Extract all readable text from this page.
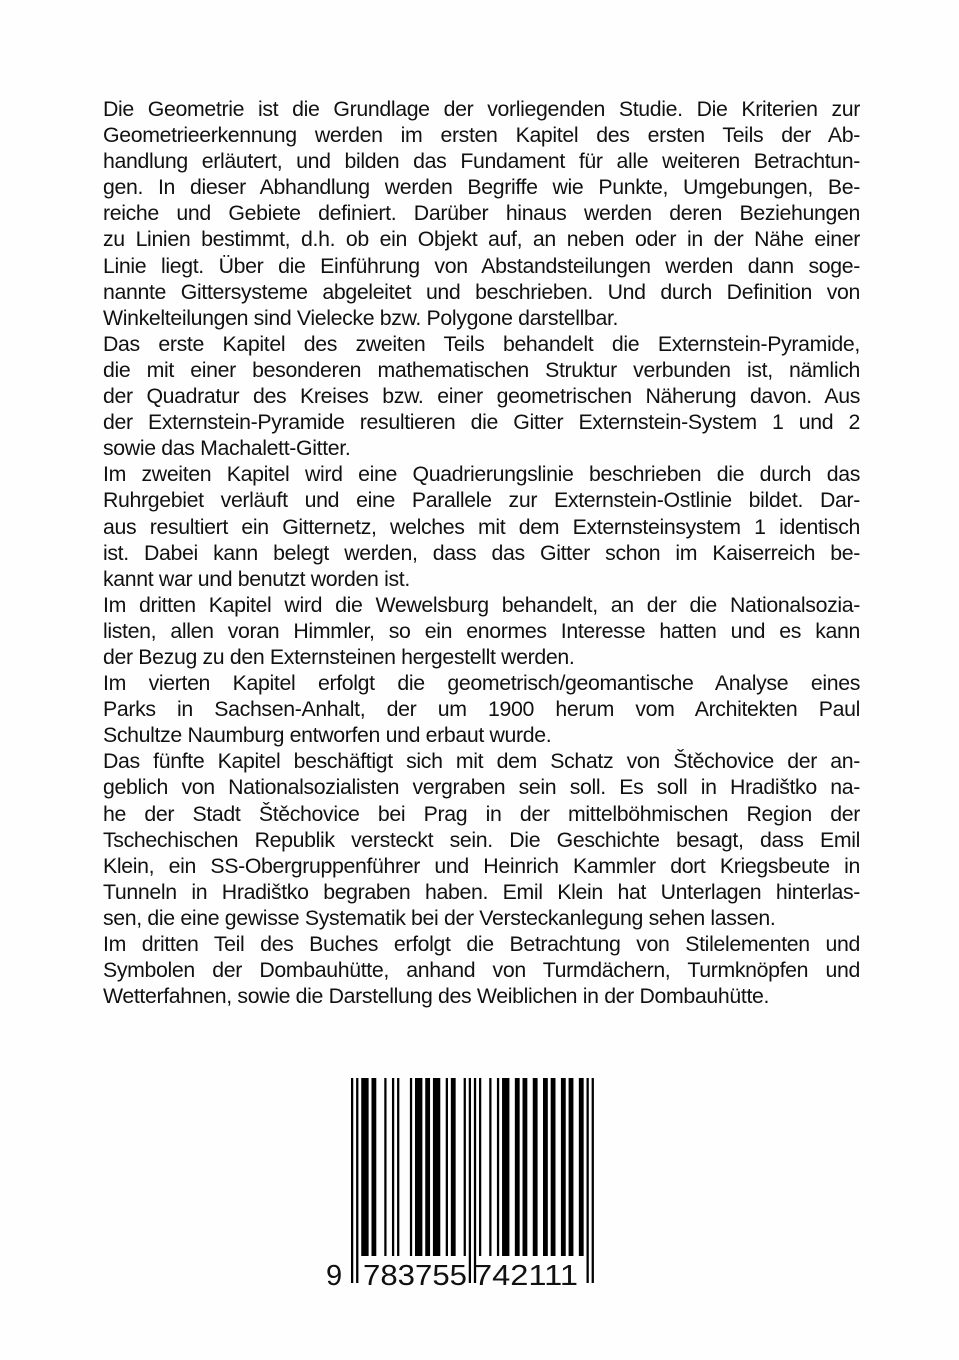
Die Geometrie ist die Grundlage der vorliegenden Studie. Die Kriterien zur
Geometrieerkennung werden im ersten Kapitel des ersten Teils der Ab-
handlung erläutert, und bilden das Fundament für alle weiteren Betrachtun-
gen. In dieser Abhandlung werden Begriffe wie Punkte, Umgebungen, Be-
reiche und Gebiete definiert. Darüber hinaus werden deren Beziehungen
zu Linien bestimmt, d.h. ob ein Objekt auf, an neben oder in der Nähe einer
Linie liegt. Über die Einführung von Abstandsteilungen werden dann soge-
nannte Gittersysteme abgeleitet und beschrieben. Und durch Definition von
Winkelteilungen sind Vielecke bzw. Polygone darstellbar.
Das erste Kapitel des zweiten Teils behandelt die Externstein-Pyramide,
die mit einer besonderen mathematischen Struktur verbunden ist, nämlich
der Quadratur des Kreises bzw. einer geometrischen Näherung davon. Aus
der Externstein-Pyramide resultieren die Gitter Externstein-System 1 und 2
sowie das Machalett-Gitter.
Im zweiten Kapitel wird eine Quadrierungslinie beschrieben die durch das
Ruhrgebiet verläuft und eine Parallele zur Externstein-Ostlinie bildet. Dar-
aus resultiert ein Gitternetz, welches mit dem Externsteinsystem 1 identisch
ist. Dabei kann belegt werden, dass das Gitter schon im Kaiserreich be-
kannt war und benutzt worden ist.
Im dritten Kapitel wird die Wewelsburg behandelt, an der die Nationalsozia-
listen, allen voran Himmler, so ein enormes Interesse hatten und es kann
der Bezug zu den Externsteinen hergestellt werden.
Im vierten Kapitel erfolgt die geometrisch/geomantische Analyse eines
Parks in Sachsen-Anhalt, der um 1900 herum vom Architekten Paul
Schultze Naumburg entworfen und erbaut wurde.
Das fünfte Kapitel beschäftigt sich mit dem Schatz von Štěchovice der an-
geblich von Nationalsozialisten vergraben sein soll. Es soll in Hradištko na-
he der Stadt Štěchovice bei Prag in der mittelböhmischen Region der
Tschechischen Republik versteckt sein. Die Geschichte besagt, dass Emil
Klein, ein SS-Obergruppenführer und Heinrich Kammler dort Kriegsbeute in
Tunneln in Hradištko begraben haben. Emil Klein hat Unterlagen hinterlas-
sen, die eine gewisse Systematik bei der Versteckanlegung sehen lassen.
Im dritten Teil des Buches erfolgt die Betrachtung von Stilelementen und
Symbolen der Dombauhütte, anhand von Turmdächern, Turmknöpfen und
Wetterfahnen, sowie die Darstellung des Weiblichen in der Dombauhütte.
9 783755 742111
